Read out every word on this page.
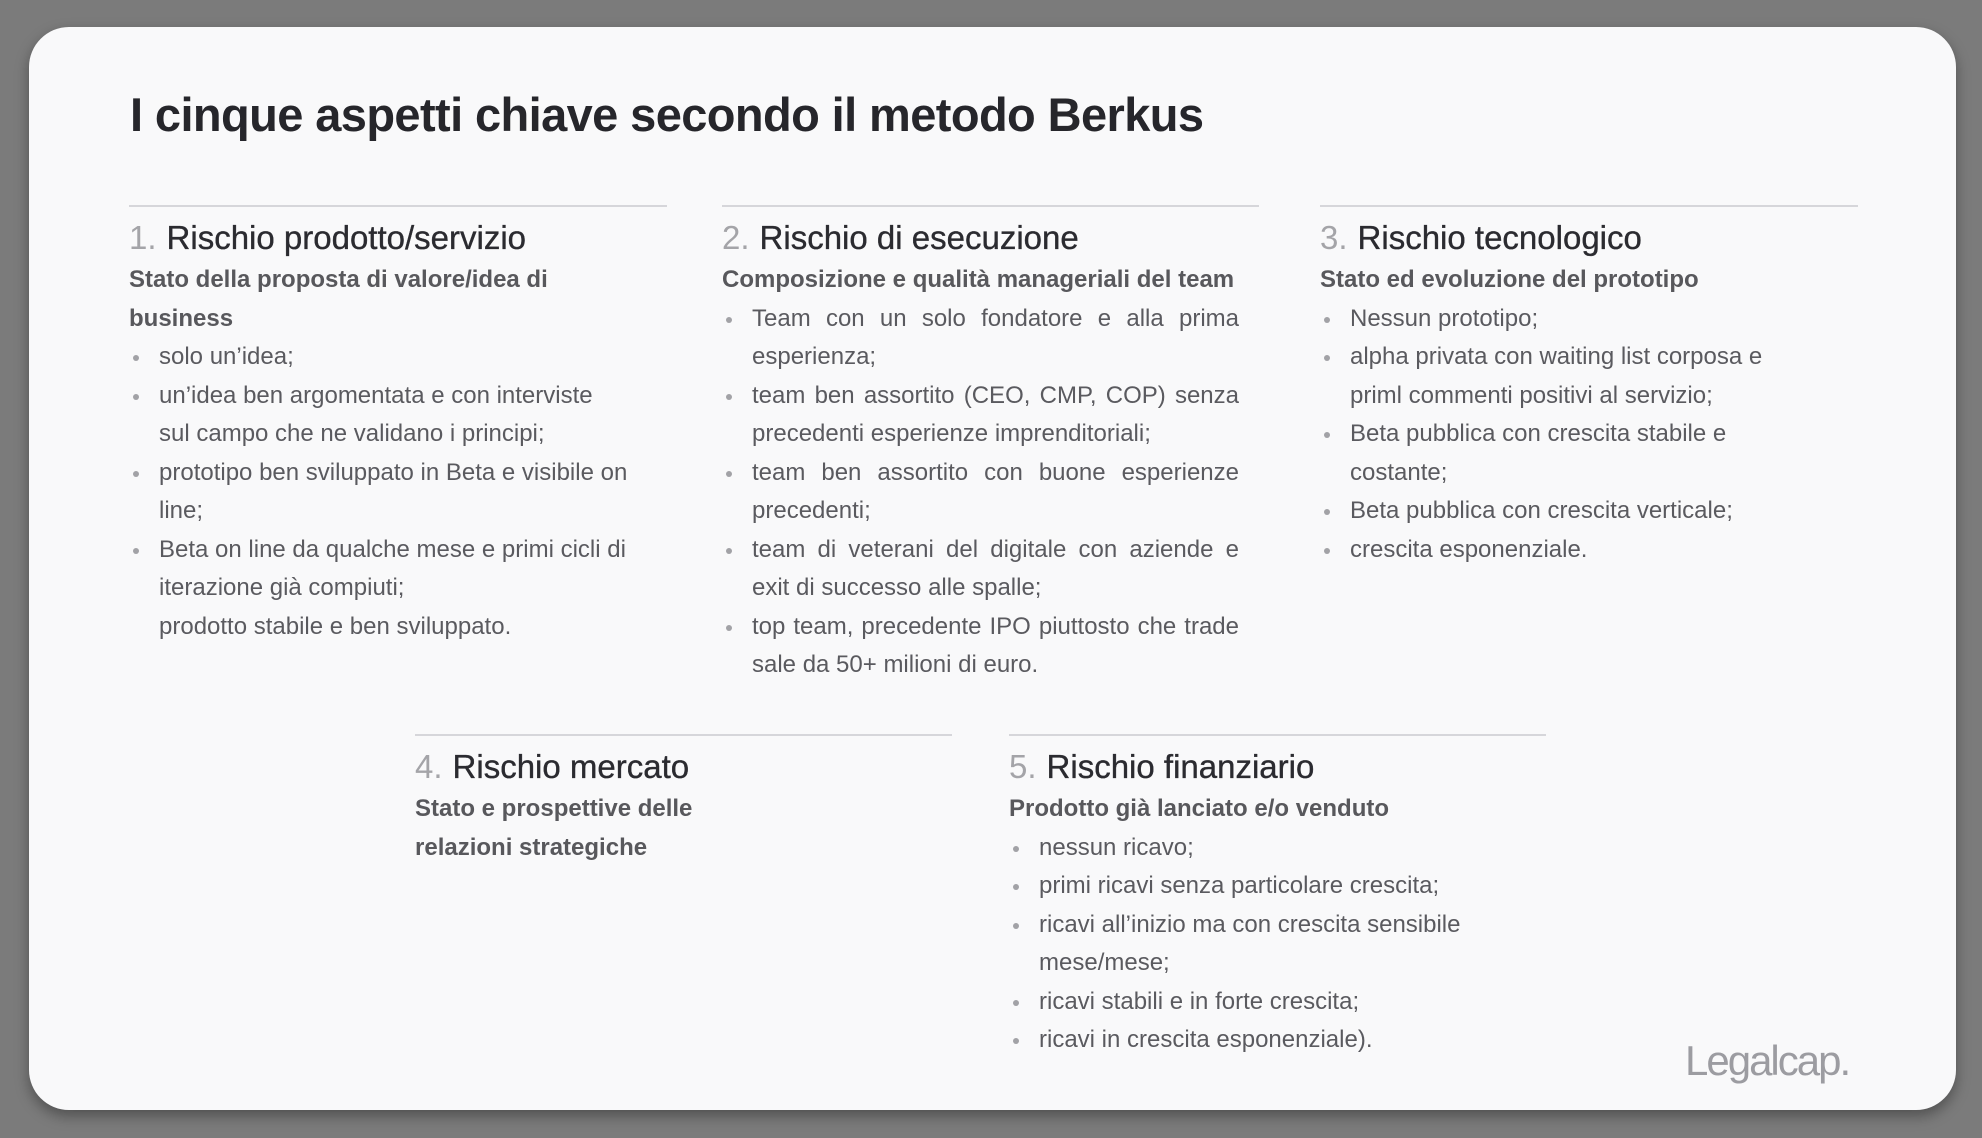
I cinque aspetti chiave secondo il metodo Berkus
1. Rischio prodotto/servizio
Stato della proposta di valore/idea di business
solo un’idea;
un’idea ben argomentata e con interviste sul campo che ne validano i principi;
prototipo ben sviluppato in Beta e visibile on line;
Beta on line da qualche mese e primi cicli di iterazione già compiuti;
prodotto stabile e ben sviluppato.
2. Rischio di esecuzione
Composizione e qualità manageriali del team
Team con un solo fondatore e alla prima esperienza;
team ben assortito (CEO, CMP, COP) senza precedenti esperienze imprenditoriali;
team ben assortito con buone esperienze precedenti;
team di veterani del digitale con aziende e exit di successo alle spalle;
top team, precedente IPO piuttosto che trade sale da 50+ milioni di euro.
3. Rischio tecnologico
Stato ed evoluzione del prototipo
Nessun prototipo;
alpha privata con waiting list corposa e priml commenti positivi al servizio;
Beta pubblica con crescita stabile e costante;
Beta pubblica con crescita verticale;
crescita esponenziale.
4. Rischio mercato
Stato e prospettive delle relazioni strategiche
5. Rischio finanziario
Prodotto già lanciato e/o venduto
nessun ricavo;
primi ricavi senza particolare crescita;
ricavi all’inizio ma con crescita sensibile mese/mese;
ricavi stabili e in forte crescita;
ricavi in crescita esponenziale).	Legalcap.
